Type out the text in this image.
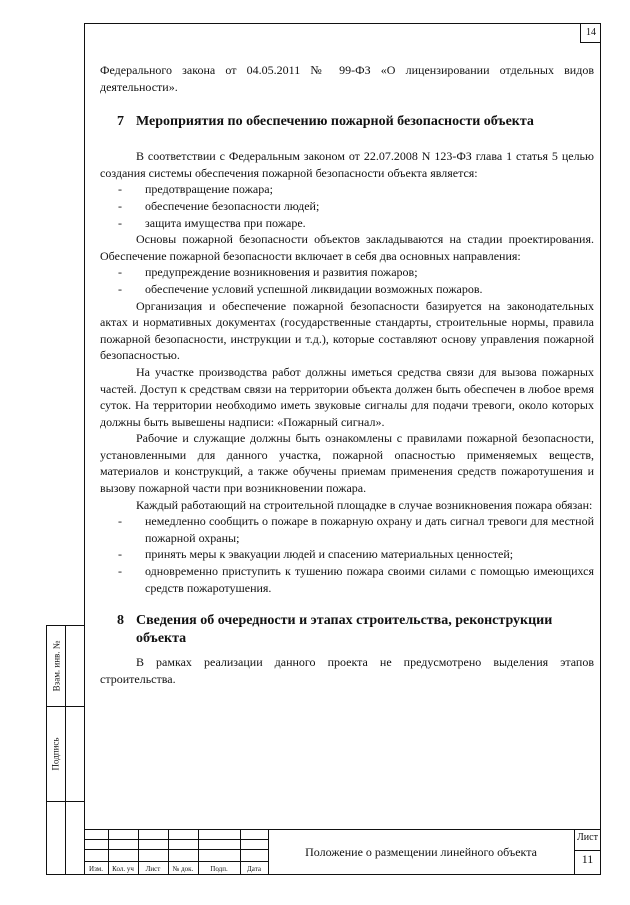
14
Взам. инв. №
Подпись

Федерального закона от 04.05.2011 № 99-ФЗ «О лицензировании отдельных видов деятельности».

7 Мероприятия по обеспечению пожарной безопасности объекта

В соответствии с Федеральным законом от 22.07.2008 N 123-ФЗ глава 1 статья 5 целью создания системы обеспечения пожарной безопасности объекта является:

- предотвращение пожара;

- обеспечение безопасности людей;

- защита имущества при пожаре.

Основы пожарной безопасности объектов закладываются на стадии проектирования. Обеспечение пожарной безопасности включает в себя два основных направления:

- предупреждение возникновения и развития пожаров;

- обеспечение условий успешной ликвидации возможных пожаров.

Организация и обеспечение пожарной безопасности базируется на законодательных актах и нормативных документах (государственные стандарты, строительные нормы, правила пожарной безопасности, инструкции и т.д.), которые составляют основу управления пожарной безопасностью.

На участке производства работ должны иметься средства связи для вызова пожарных частей. Доступ к средствам связи на территории объекта должен быть обеспечен в любое время суток. На территории необходимо иметь звуковые сигналы для подачи тревоги, около которых должны быть вывешены надписи: «Пожарный сигнал».

Рабочие и служащие должны быть ознакомлены с правилами пожарной безопасности, установленными для данного участка, пожарной опасностью применяемых веществ, материалов и конструкций, а также обучены приемам применения средств пожаротушения и вызову пожарной части при возникновении пожара.

Каждый работающий на строительной площадке в случае возникновения пожара обязан:

- немедленно сообщить о пожаре в пожарную охрану и дать сигнал тревоги для местной пожарной охраны;

- принять меры к эвакуации людей и спасению материальных ценностей;

- одновременно приступить к тушению пожара своими силами с помощью имеющихся средств пожаротушения.

8 Сведения об очередности и этапах строительства, реконструкции объекта

В рамках реализации данного проекта не предусмотрено выделения этапов строительства.

Изм.	Кол. уч	Лист	№ док.	Подп.	Дата
Положение о размещении линейного объекта
Лист
11
